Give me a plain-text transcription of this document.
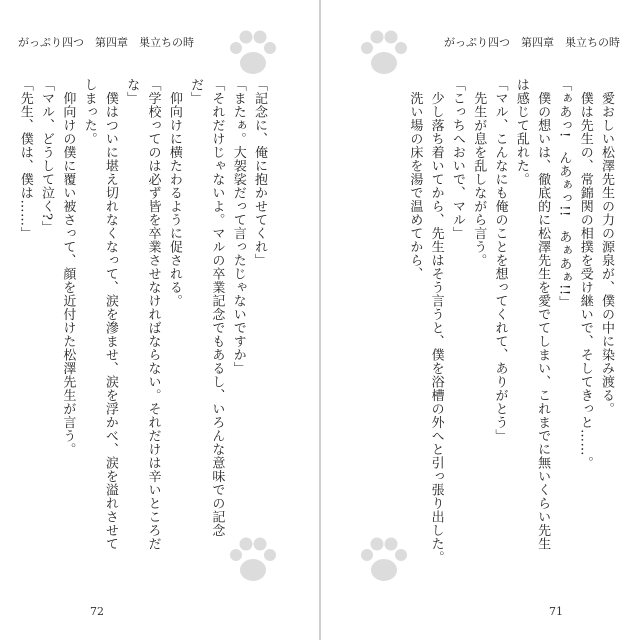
がっぷり四つ　第四章　巣立ちの時
「記念に、俺に抱かせてくれ」
「またぁ。大袈裟だって言ったじゃないですか」
「それだけじゃないよ。マルの卒業記念でもあるし、いろんな意味での記念
だ」
　仰向けに横たわるように促される。
「学校ってのは必ず皆を卒業させなければならない。それだけは辛いところだ
な」
　僕はついに堪え切れなくなって、涙を滲ませ、涙を浮かべ、涙を溢れさせて
しまった。
　仰向けの僕に覆い被さって、顔を近付けた松澤先生が言う。
「マル、どうして泣く?」
「先生、僕は、僕は……」
72
がっぷり四つ　第四章　巣立ちの時
　愛おしい松澤先生の力の源泉が、僕の中に染み渡る。
　僕は先生の、常錦関の相撲を受け継いで、そしてきっと……。
「ぁあっ!　んあぁっ!!　あぁあぁ!!」
　僕の想いは、徹底的に松澤先生を愛でてしまい、これまでに無いくらい先生
は感じて乱れた。
「マル、こんなにも俺のことを想ってくれて、ありがとう」
　先生が息を乱しながら言う。
「こっちへおいで、マル」
　少し落ち着いてから、先生はそう言うと、僕を浴槽の外へと引っ張り出した。
　洗い場の床を湯で温めてから、
71
